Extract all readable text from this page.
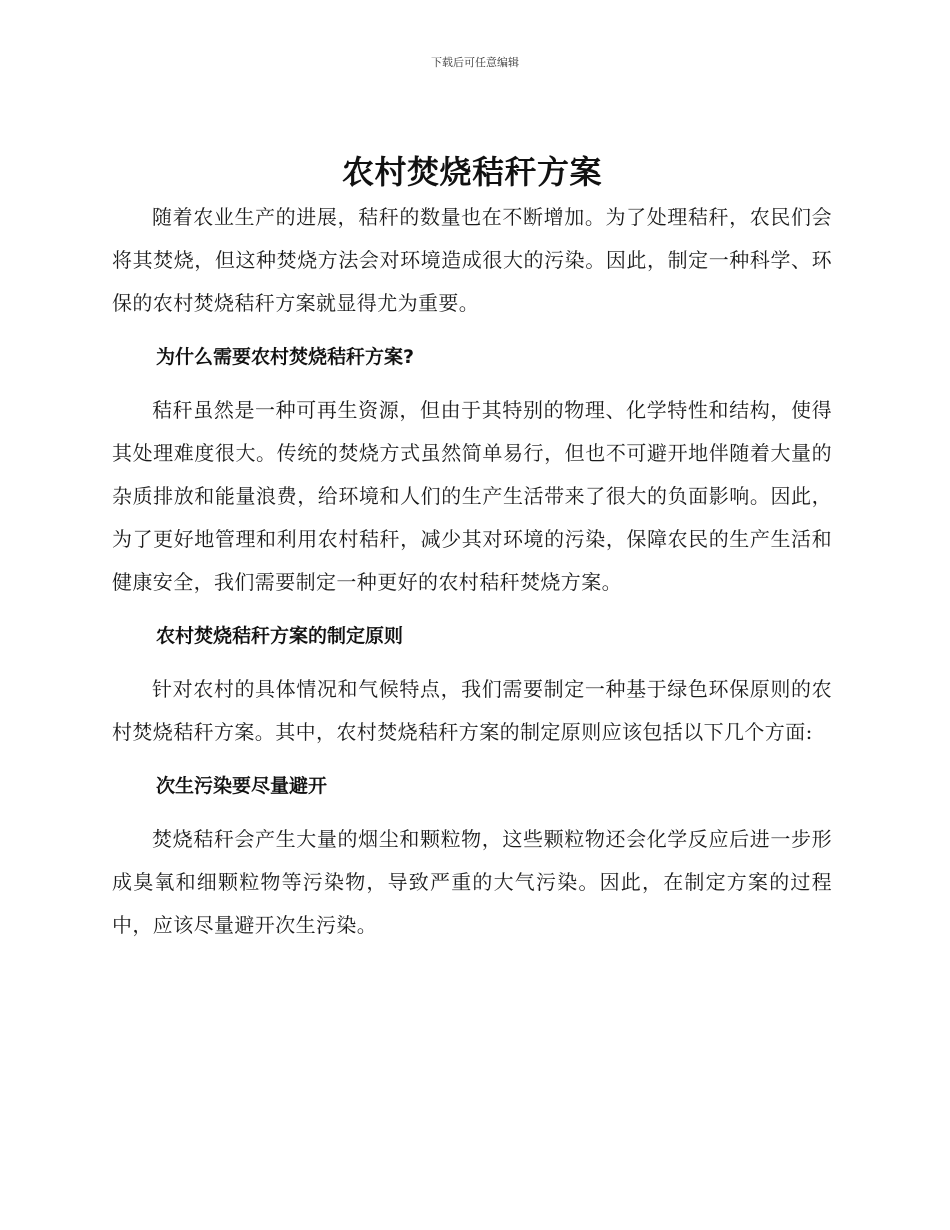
下载后可任意编辑
农村焚烧秸秆方案

随着农业生产的进展，秸秆的数量也在不断增加。为了处理秸秆，农民们会将其焚烧，但这种焚烧方法会对环境造成很大的污染。因此，制定一种科学、环保的农村焚烧秸秆方案就显得尤为重要。

为什么需要农村焚烧秸秆方案?

秸秆虽然是一种可再生资源，但由于其特别的物理、化学特性和结构，使得其处理难度很大。传统的焚烧方式虽然简单易行，但也不可避开地伴随着大量的杂质排放和能量浪费，给环境和人们的生产生活带来了很大的负面影响。因此，为了更好地管理和利用农村秸秆，减少其对环境的污染，保障农民的生产生活和健康安全，我们需要制定一种更好的农村秸秆焚烧方案。

农村焚烧秸秆方案的制定原则

针对农村的具体情况和气候特点，我们需要制定一种基于绿色环保原则的农村焚烧秸秆方案。其中，农村焚烧秸秆方案的制定原则应该包括以下几个方面:

次生污染要尽量避开

焚烧秸秆会产生大量的烟尘和颗粒物，这些颗粒物还会化学反应后进一步形成臭氧和细颗粒物等污染物，导致严重的大气污染。因此，在制定方案的过程中，应该尽量避开次生污染。
